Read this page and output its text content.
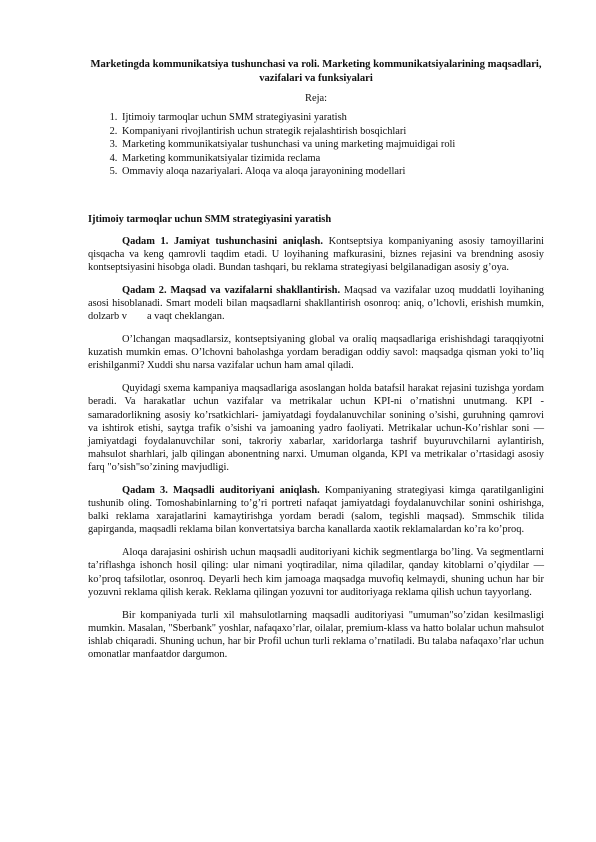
Marketingda kommunikatsiya tushunchasi va roli. Marketing kommunikatsiyalarining maqsadlari, vazifalari va funksiyalari
Reja:
1. Ijtimoiy tarmoqlar uchun SMM strategiyasini yaratish
2. Kompaniyani rivojlantirish uchun strategik rejalashtirish bosqichlari
3. Marketing kommunikatsiyalar tushunchasi va uning marketing majmuidigai roli
4. Marketing kommunikatsiyalar tizimida reclama
5. Ommaviy aloqa nazariyalari. Aloqa va aloqa jarayonining modellari
Ijtimoiy tarmoqlar uchun SMM strategiyasini yaratish

Qadam 1. Jamiyat tushunchasini aniqlash. Kontseptsiya kompaniyaning asosiy tamoyillarini qisqacha va keng qamrovli taqdim etadi. U loyihaning mafkurasini, biznes rejasini va brendning asosiy kontseptsiyasini hisobga oladi. Bundan tashqari, bu reklama strategiyasi belgilanadigan asosiy g’oya.

Qadam 2. Maqsad va vazifalarni shakllantirish. Maqsad va vazifalar uzoq muddatli loyihaning asosi hisoblanadi. Smart modeli bilan maqsadlarni shakllantirish osonroq: aniq, o’lchovli, erishish mumkin, dolzarb v a vaqt cheklangan.

O’lchangan maqsadlarsiz, kontseptsiyaning global va oraliq maqsadlariga erishishdagi taraqqiyotni kuzatish mumkin emas. O’lchovni baholashga yordam beradigan oddiy savol: maqsadga qisman yoki to’liq erishilganmi? Xuddi shu narsa vazifalar uchun ham amal qiladi.

Quyidagi sxema kampaniya maqsadlariga asoslangan holda batafsil harakat rejasini tuzishga yordam beradi. Va harakatlar uchun vazifalar va metrikalar uchun KPI-ni o’rnatishni unutmang. KPI - samaradorlikning asosiy ko’rsatkichlari- jamiyatdagi foydalanuvchilar sonining o’sishi, guruhning qamrovi va ishtirok etishi, saytga trafik o’sishi va jamoaning yadro faoliyati. Metrikalar uchun-Ko’rishlar soni — jamiyatdagi foydalanuvchilar soni, takroriy xabarlar, xaridorlarga tashrif buyuruvchilarni aylantirish, mahsulot sharhlari, jalb qilingan abonentning narxi. Umuman olganda, KPI va metrikalar o’rtasidagi asosiy farq "o’sish"so’zining mavjudligi.

Qadam 3. Maqsadli auditoriyani aniqlash. Kompaniyaning strategiyasi kimga qaratilganligini tushunib oling. Tomoshabinlarning to’g’ri portreti nafaqat jamiyatdagi foydalanuvchilar sonini oshirishga, balki reklama xarajatlarini kamaytirishga yordam beradi (salom, tegishli maqsad). Smmschik tilida gapirganda, maqsadli reklama bilan konvertatsiya barcha kanallarda xaotik reklamalardan ko’ra ko’proq.

Aloqa darajasini oshirish uchun maqsadli auditoriyani kichik segmentlarga bo’ling. Va segmentlarni ta’riflashga ishonch hosil qiling: ular nimani yoqtiradilar, nima qiladilar, qanday kitoblarni o’qiydilar — ko’proq tafsilotlar, osonroq. Deyarli hech kim jamoaga maqsadga muvofiq kelmaydi, shuning uchun har bir yozuvni reklama qilish kerak. Reklama qilingan yozuvni tor auditoriyaga reklama qilish uchun tayyorlang.

Bir kompaniyada turli xil mahsulotlarning maqsadli auditoriyasi "umuman"so’zidan kesilmasligi mumkin. Masalan, "Sberbank" yoshlar, nafaqaxo’rlar, oilalar, premium-klass va hatto bolalar uchun mahsulot ishlab chiqaradi. Shuning uchun, har bir Profil uchun turli reklama o’rnatiladi. Bu talaba nafaqaxo’rlar uchun omonatlar manfaatdor dargumon.
